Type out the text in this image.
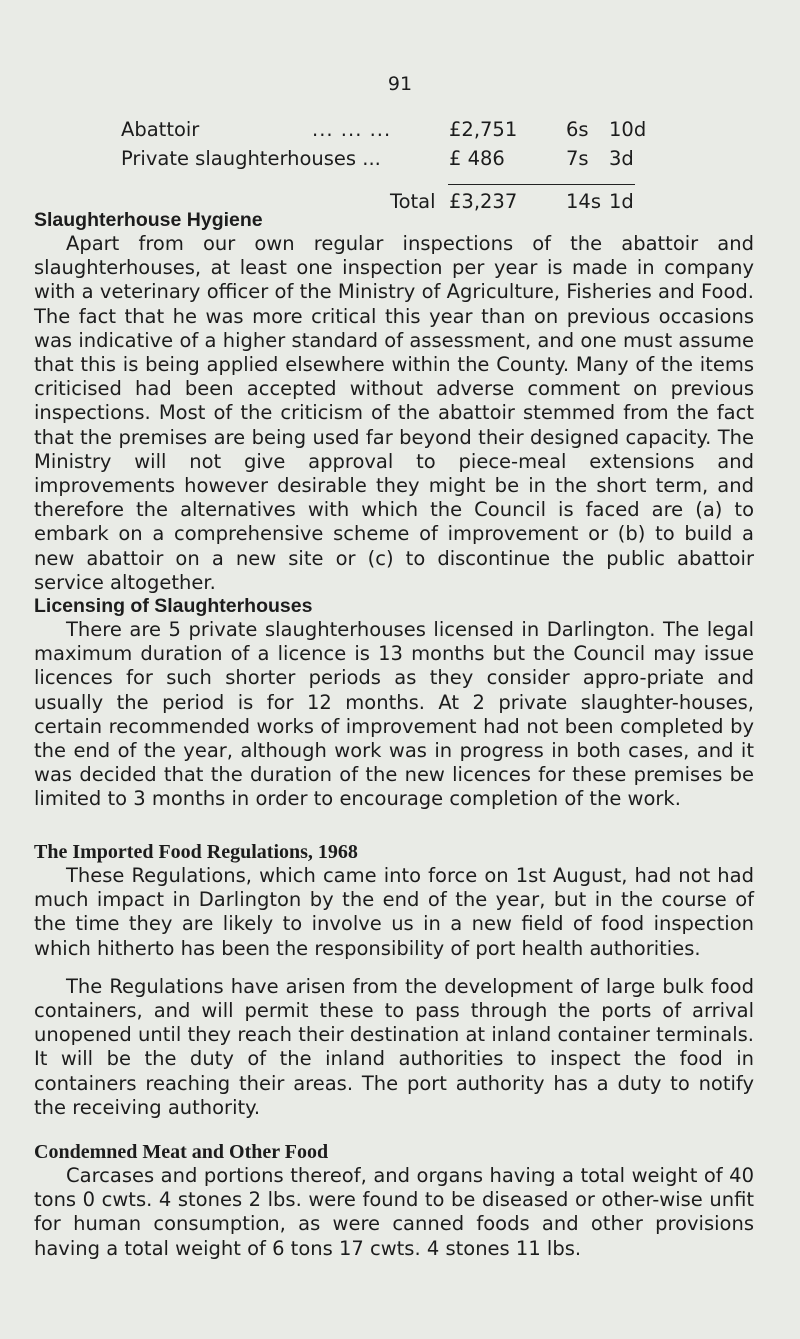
91
Abattoir	... ... ...	£2,751	6s 10d
Private slaughterhouses ...	£ 486	7s 3d
Total £3,237	14s 1d
Slaughterhouse Hygiene

Apart from our own regular inspections of the abattoir and slaughterhouses, at least one inspection per year is made in company with a veterinary officer of the Ministry of Agriculture, Fisheries and Food. The fact that he was more critical this year than on previous occasions was indicative of a higher standard of assessment, and one must assume that this is being applied elsewhere within the County. Many of the items criticised had been accepted without adverse comment on previous inspections. Most of the criticism of the abattoir stemmed from the fact that the premises are being used far beyond their designed capacity. The Ministry will not give approval to piece-meal extensions and improvements however desirable they might be in the short term, and therefore the alternatives with which the Council is faced are (a) to embark on a comprehensive scheme of improvement or (b) to build a new abattoir on a new site or (c) to discontinue the public abattoir service altogether.

Licensing of Slaughterhouses

There are 5 private slaughterhouses licensed in Darlington. The legal maximum duration of a licence is 13 months but the Council may issue licences for such shorter periods as they consider appro-priate and usually the period is for 12 months. At 2 private slaughter-houses, certain recommended works of improvement had not been completed by the end of the year, although work was in progress in both cases, and it was decided that the duration of the new licences for these premises be limited to 3 months in order to encourage completion of the work.

The Imported Food Regulations, 1968

These Regulations, which came into force on 1st August, had not had much impact in Darlington by the end of the year, but in the course of the time they are likely to involve us in a new field of food inspection which hitherto has been the responsibility of port health authorities.

The Regulations have arisen from the development of large bulk food containers, and will permit these to pass through the ports of arrival unopened until they reach their destination at inland container terminals. It will be the duty of the inland authorities to inspect the food in containers reaching their areas. The port authority has a duty to notify the receiving authority.

Condemned Meat and Other Food

Carcases and portions thereof, and organs having a total weight of 40 tons 0 cwts. 4 stones 2 lbs. were found to be diseased or other-wise unfit for human consumption, as were canned foods and other provisions having a total weight of 6 tons 17 cwts. 4 stones 11 lbs.
